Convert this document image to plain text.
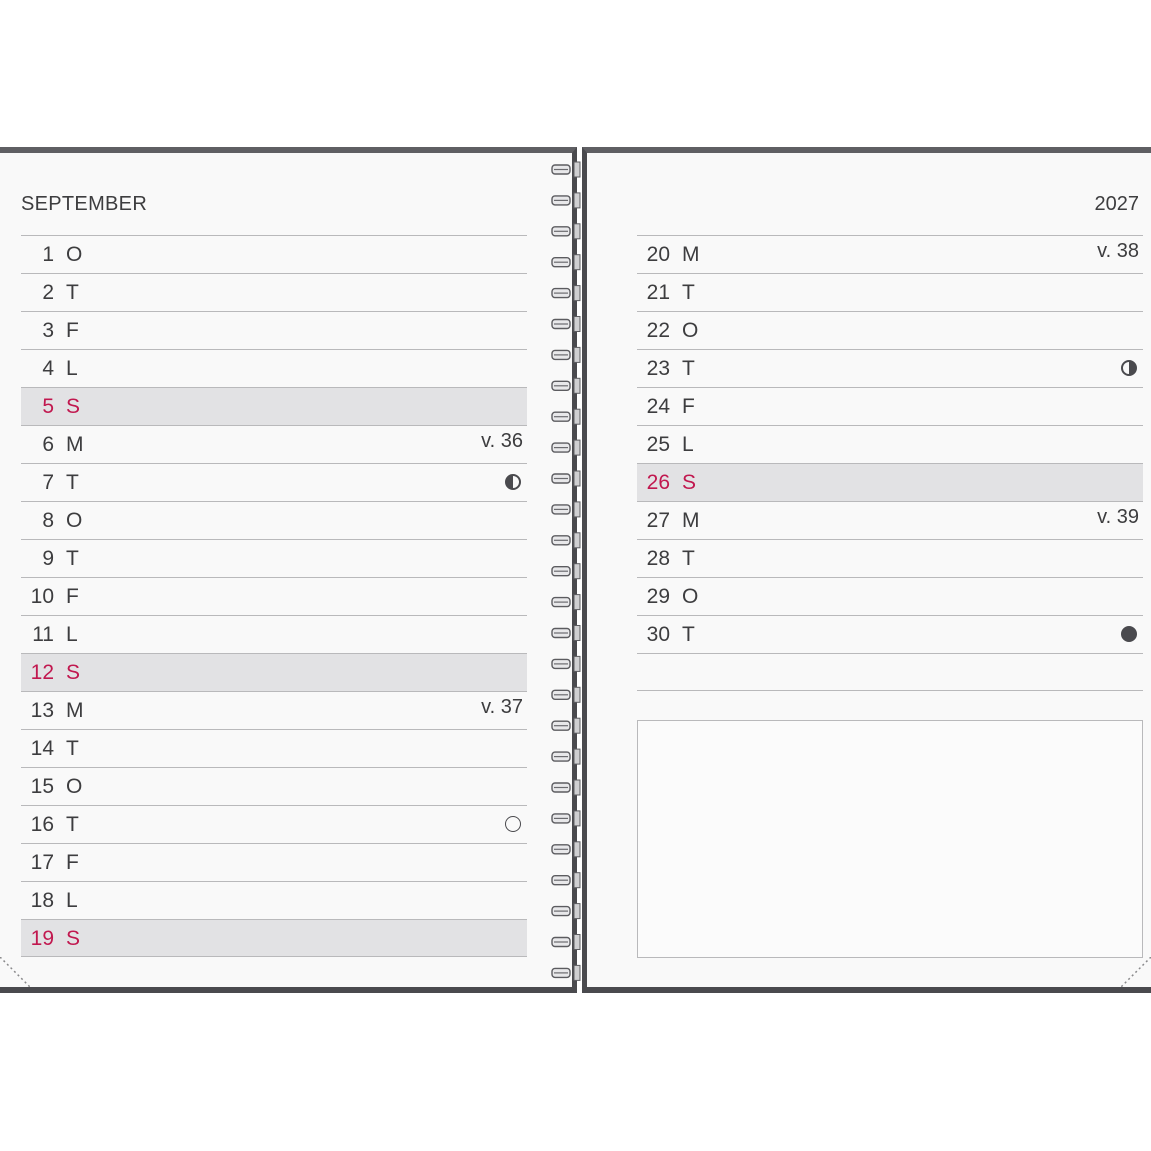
SEPTEMBER
1 O
2 T
3 F
4 L
5 S
6 M	v. 36
7 T
8 O
9 T
10 F
11 L
12 S
13 M	v. 37
14 T
15 O
16 T
17 F
18 L
19 S
2027
20 M	v. 38
21 T
22 O
23 T
24 F
25 L
26 S
27 M	v. 39
28 T
29 O
30 T
